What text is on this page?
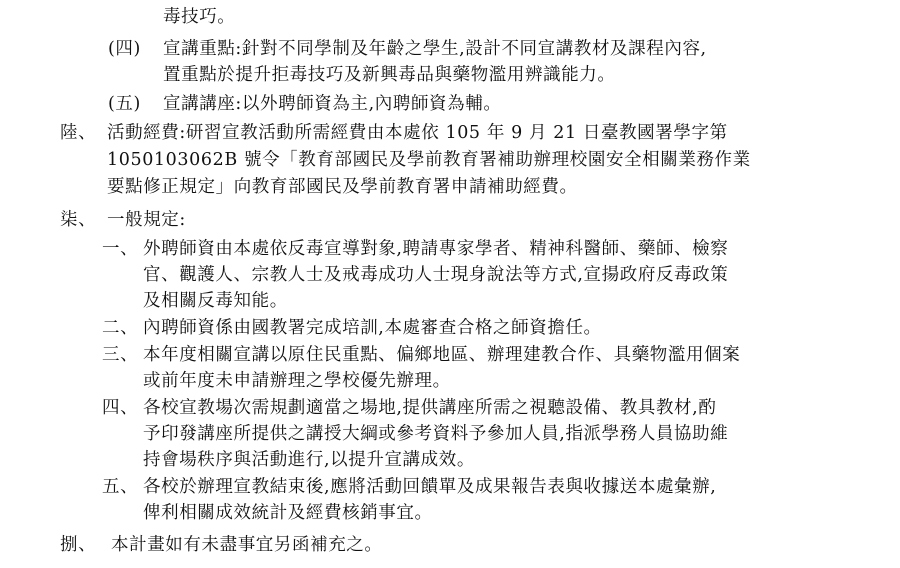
毒技巧。
(四) 宣講重點:針對不同學制及年齡之學生,設計不同宣講教材及課程內容,
置重點於提升拒毒技巧及新興毒品與藥物濫用辨識能力。
(五) 宣講講座:以外聘師資為主,內聘師資為輔。
陸、 活動經費:研習宣教活動所需經費由本處依 105 年 9 月 21 日臺教國署學字第
1050103062B 號令「教育部國民及學前教育署補助辦理校園安全相關業務作業
要點修正規定」向教育部國民及學前教育署申請補助經費。
柒、 一般規定:
一、 外聘師資由本處依反毒宣導對象,聘請專家學者、精神科醫師、藥師、檢察
官、觀護人、宗教人士及戒毒成功人士現身說法等方式,宣揚政府反毒政策
及相關反毒知能。
二、 內聘師資係由國教署完成培訓,本處審查合格之師資擔任。
三、 本年度相關宣講以原住民重點、偏鄉地區、辦理建教合作、具藥物濫用個案
或前年度未申請辦理之學校優先辦理。
四、 各校宣教場次需規劃適當之場地,提供講座所需之視聽設備、教具教材,酌
予印發講座所提供之講授大綱或參考資料予參加人員,指派學務人員協助維
持會場秩序與活動進行,以提升宣講成效。
五、 各校於辦理宣教結束後,應將活動回饋單及成果報告表與收據送本處彙辦,
俾利相關成效統計及經費核銷事宜。
捌、 本計畫如有未盡事宜另函補充之。
